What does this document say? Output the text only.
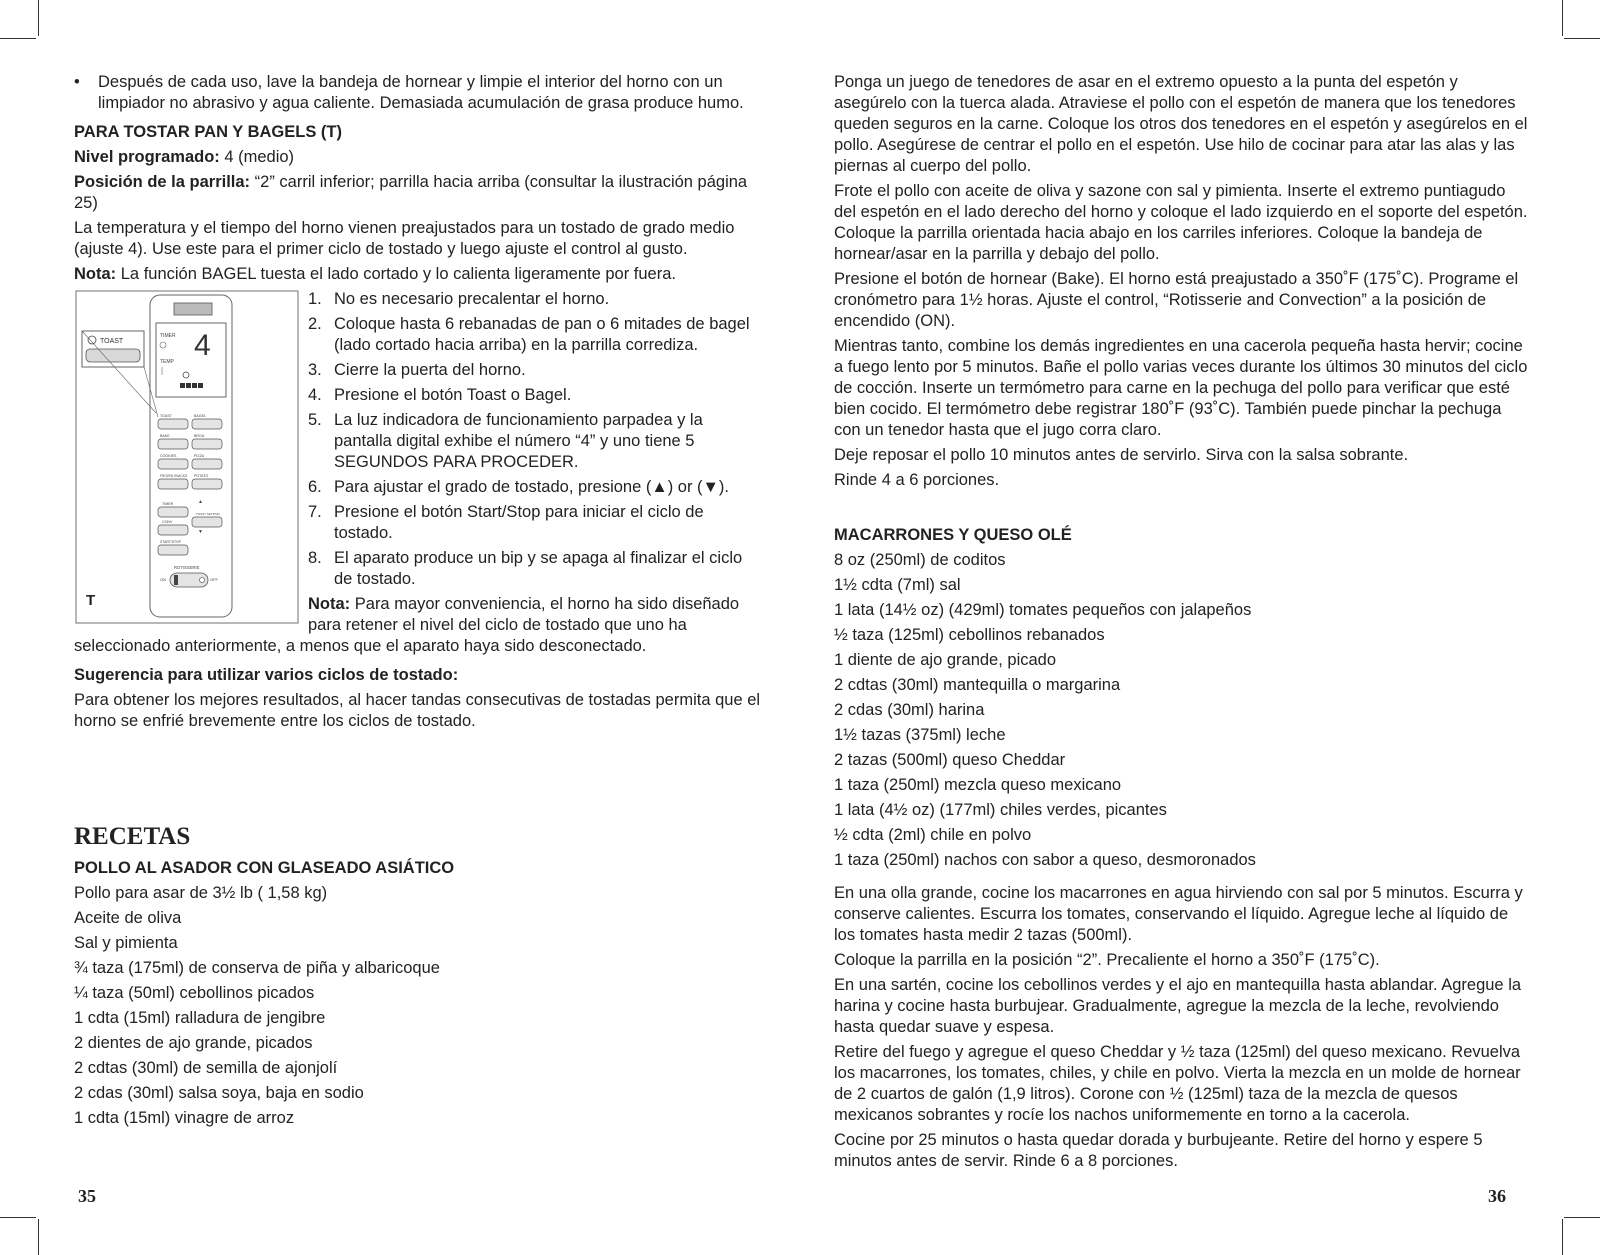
•	Después de cada uso, lave la bandeja de hornear y limpie el interior del horno con un limpiador no abrasivo y agua caliente. Demasiada acumulación de grasa produce humo.
PARA TOSTAR PAN Y BAGELS (T)

Nivel programado: 4 (medio)

Posición de la parrilla: “2” carril inferior; parrilla hacia arriba (consultar la ilustración página 25)

La temperatura y el tiempo del horno vienen preajustados para un tostado de grado medio (ajuste 4). Use este para el primer ciclo de tostado y luego ajuste el control al gusto.

Nota: La función BAGEL tuesta el lado cortado y lo calienta ligeramente por fuera.

TIMER
TEMP 4
TOAST
TOAST	BAGEL
BAKE	BROIL
COOKIES	PIZZA
FROZEN SNACKS POTATO
TIMER	▲
TOAST SETTING
CONV
▼
START/STOP
ROTISSERIE
ON	OFF
T
1. No es necesario precalentar el horno.
2. Coloque hasta 6 rebanadas de pan o 6 mitades de bagel (lado cortado hacia arriba) en la parrilla corrediza.
3. Cierre la puerta del horno.
4. Presione el botón Toast o Bagel.
5. La luz indicadora de funcionamiento parpadea y la pantalla digital exhibe el número “4” y uno tiene 5 SEGUNDOS PARA PROCEDER.
6. Para ajustar el grado de tostado, presione (▲) or (▼).
7. Presione el botón Start/Stop para iniciar el ciclo de tostado.
8. El aparato produce un bip y se apaga al finalizar el ciclo de tostado.

Nota: Para mayor conveniencia, el horno ha sido diseñado para retener el nivel del ciclo de tostado que uno ha seleccionado anteriormente, a menos que el aparato haya sido desconectado.

Sugerencia para utilizar varios ciclos de tostado:

Para obtener los mejores resultados, al hacer tandas consecutivas de tostadas permita que el horno se enfrié brevemente entre los ciclos de tostado.

RECETAS
POLLO AL ASADOR CON GLASEADO ASIÁTICO
Pollo para asar de 3½ lb ( 1,58 kg)
Aceite de oliva
Sal y pimienta
¾ taza (175ml) de conserva de piña y albaricoque
¼ taza (50ml) cebollinos picados
1 cdta (15ml) ralladura de jengibre
2 dientes de ajo grande, picados
2 cdtas (30ml) de semilla de ajonjolí
2 cdas (30ml) salsa soya, baja en sodio
1 cdta (15ml) vinagre de arroz
35

Ponga un juego de tenedores de asar en el extremo opuesto a la punta del espetón y asegúrelo con la tuerca alada. Atraviese el pollo con el espetón de manera que los tenedores queden seguros en la carne. Coloque los otros dos tenedores en el espetón y asegúrelos en el pollo. Asegúrese de centrar el pollo en el espetón. Use hilo de cocinar para atar las alas y las piernas al cuerpo del pollo.

Frote el pollo con aceite de oliva y sazone con sal y pimienta. Inserte el extremo puntiagudo del espetón en el lado derecho del horno y coloque el lado izquierdo en el soporte del espetón. Coloque la parrilla orientada hacia abajo en los carriles inferiores. Coloque la bandeja de hornear/asar en la parrilla y debajo del pollo.

Presione el botón de hornear (Bake). El horno está preajustado a 350˚F (175˚C). Programe el cronómetro para 1½ horas. Ajuste el control, “Rotisserie and Convection” a la posición de encendido (ON).

Mientras tanto, combine los demás ingredientes en una cacerola pequeña hasta hervir; cocine a fuego lento por 5 minutos. Bañe el pollo varias veces durante los últimos 30 minutos del ciclo de cocción. Inserte un termómetro para carne en la pechuga del pollo para verificar que esté bien cocido. El termómetro debe registrar 180˚F (93˚C). También puede pinchar la pechuga con un tenedor hasta que el jugo corra claro.

Deje reposar el pollo 10 minutos antes de servirlo. Sirva con la salsa sobrante.

Rinde 4 a 6 porciones.

MACARRONES Y QUESO OLÉ
8 oz (250ml) de coditos
1½ cdta (7ml) sal
1 lata (14½ oz) (429ml) tomates pequeños con jalapeños
½ taza (125ml) cebollinos rebanados
1 diente de ajo grande, picado
2 cdtas (30ml) mantequilla o margarina
2 cdas (30ml) harina
1½ tazas (375ml) leche
2 tazas (500ml) queso Cheddar
1 taza (250ml) mezcla queso mexicano
1 lata (4½ oz) (177ml) chiles verdes, picantes
½ cdta (2ml) chile en polvo
1 taza (250ml) nachos con sabor a queso, desmoronados

En una olla grande, cocine los macarrones en agua hirviendo con sal por 5 minutos. Escurra y conserve calientes. Escurra los tomates, conservando el líquido. Agregue leche al líquido de los tomates hasta medir 2 tazas (500ml).

Coloque la parrilla en la posición “2”. Precaliente el horno a 350˚F (175˚C).

En una sartén, cocine los cebollinos verdes y el ajo en mantequilla hasta ablandar. Agregue la harina y cocine hasta burbujear. Gradualmente, agregue la mezcla de la leche, revolviendo hasta quedar suave y espesa.

Retire del fuego y agregue el queso Cheddar y ½ taza (125ml) del queso mexicano. Revuelva los macarrones, los tomates, chiles, y chile en polvo. Vierta la mezcla en un molde de hornear de 2 cuartos de galón (1,9 litros). Corone con ½ (125ml) taza de la mezcla de quesos mexicanos sobrantes y rocíe los nachos uniformemente en torno a la cacerola.

Cocine por 25 minutos o hasta quedar dorada y burbujeante. Retire del horno y espere 5 minutos antes de servir. Rinde 6 a 8 porciones.

36
